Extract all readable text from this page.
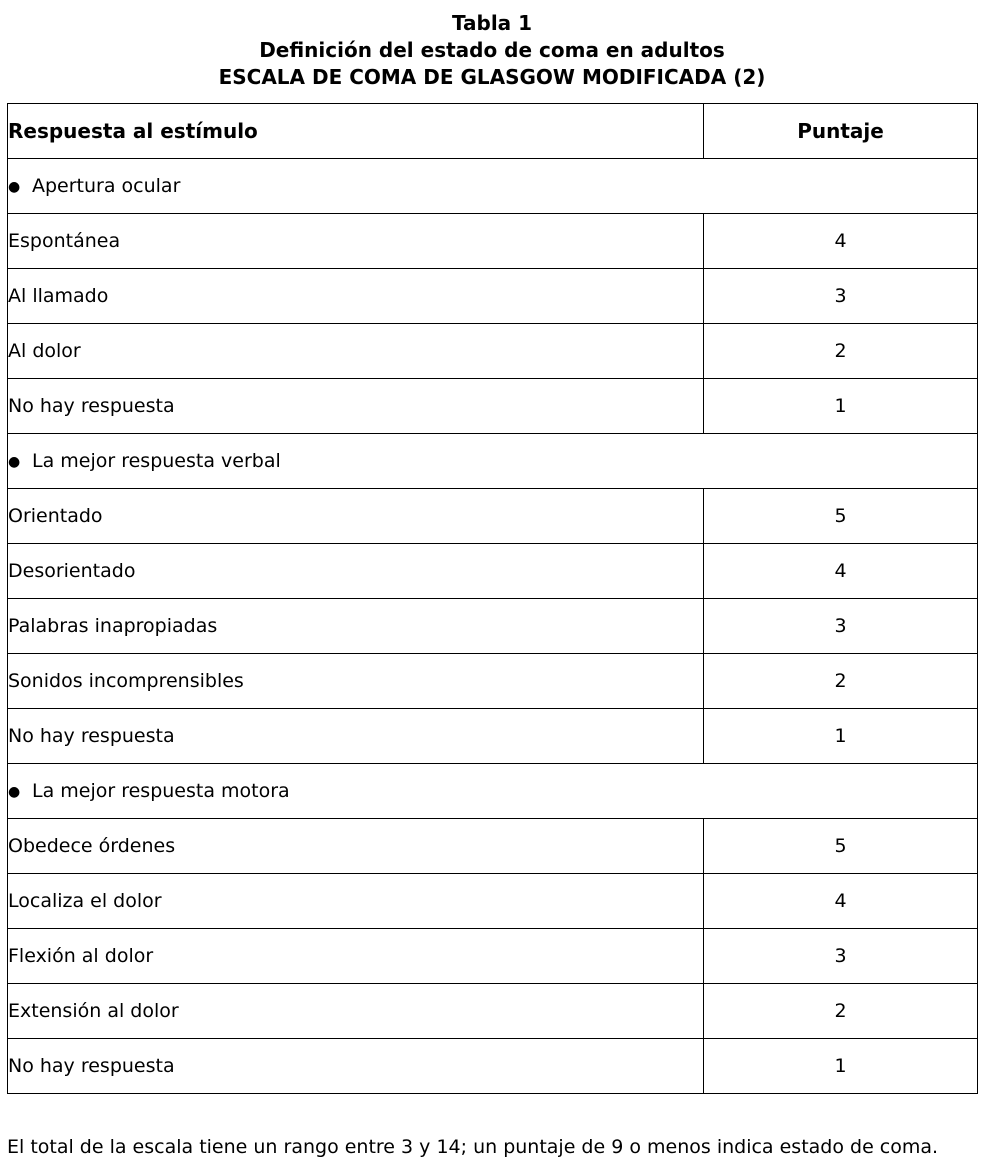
Tabla 1
Definición del estado de coma en adultos
ESCALA DE COMA DE GLASGOW MODIFICADA (2)
Respuesta al estímulo	Puntaje
● Apertura ocular	
Espontánea	4
Al llamado	3
Al dolor	2
No hay respuesta	1
● La mejor respuesta verbal	
Orientado	5
Desorientado	4
Palabras inapropiadas	3
Sonidos incomprensibles	2
No hay respuesta	1
● La mejor respuesta motora	
Obedece órdenes	5
Localiza el dolor	4
Flexión al dolor	3
Extensión al dolor	2
No hay respuesta	1
El total de la escala tiene un rango entre 3 y 14; un puntaje de 9 o menos indica estado de coma.
